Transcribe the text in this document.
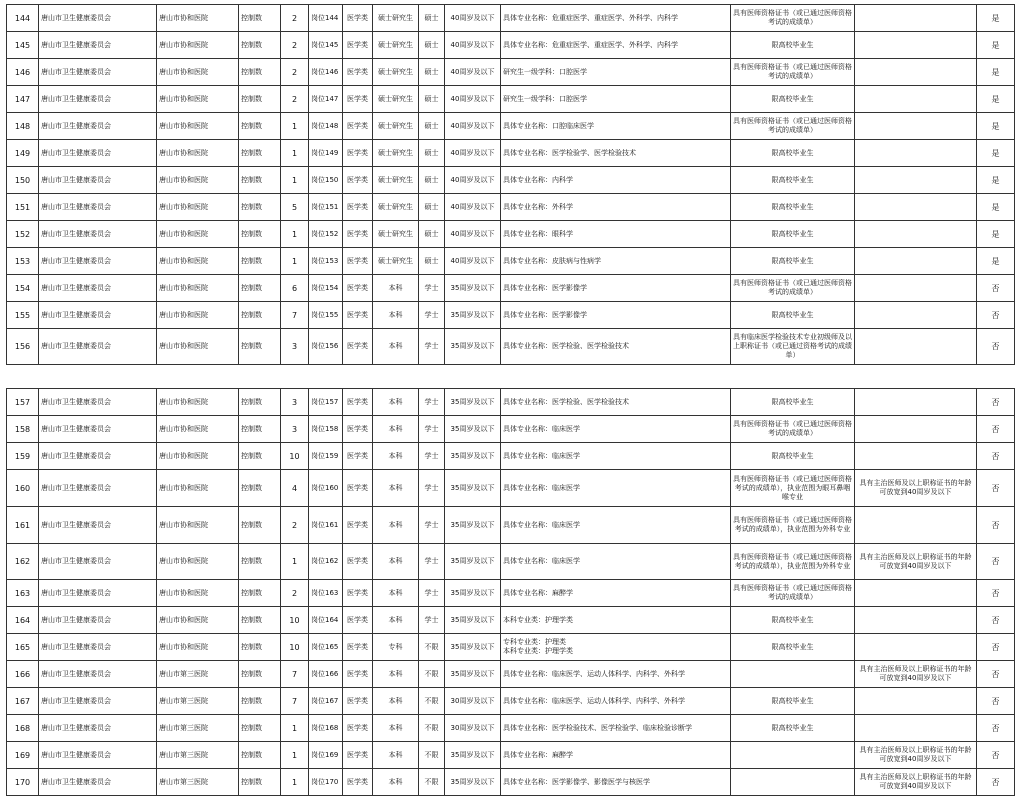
144	唐山市卫生健康委员会	唐山市协和医院	控制数	2	岗位144	医学类	硕士研究生	硕士	40周岁及以下	具体专业名称：危重症医学、重症医学、外科学、内科学	具有医师资格证书（或已通过医师资格考试的成绩单）		是
145	唐山市卫生健康委员会	唐山市协和医院	控制数	2	岗位145	医学类	硕士研究生	硕士	40周岁及以下	具体专业名称：危重症医学、重症医学、外科学、内科学	限高校毕业生		是
146	唐山市卫生健康委员会	唐山市协和医院	控制数	2	岗位146	医学类	硕士研究生	硕士	40周岁及以下	研究生一级学科：口腔医学	具有医师资格证书（或已通过医师资格考试的成绩单）		是
147	唐山市卫生健康委员会	唐山市协和医院	控制数	2	岗位147	医学类	硕士研究生	硕士	40周岁及以下	研究生一级学科：口腔医学	限高校毕业生		是
148	唐山市卫生健康委员会	唐山市协和医院	控制数	1	岗位148	医学类	硕士研究生	硕士	40周岁及以下	具体专业名称：口腔临床医学	具有医师资格证书（或已通过医师资格考试的成绩单）		是
149	唐山市卫生健康委员会	唐山市协和医院	控制数	1	岗位149	医学类	硕士研究生	硕士	40周岁及以下	具体专业名称：医学检验学、医学检验技术	限高校毕业生		是
150	唐山市卫生健康委员会	唐山市协和医院	控制数	1	岗位150	医学类	硕士研究生	硕士	40周岁及以下	具体专业名称：内科学	限高校毕业生		是
151	唐山市卫生健康委员会	唐山市协和医院	控制数	5	岗位151	医学类	硕士研究生	硕士	40周岁及以下	具体专业名称：外科学	限高校毕业生		是
152	唐山市卫生健康委员会	唐山市协和医院	控制数	1	岗位152	医学类	硕士研究生	硕士	40周岁及以下	具体专业名称：眼科学	限高校毕业生		是
153	唐山市卫生健康委员会	唐山市协和医院	控制数	1	岗位153	医学类	硕士研究生	硕士	40周岁及以下	具体专业名称：皮肤病与性病学	限高校毕业生		是
154	唐山市卫生健康委员会	唐山市协和医院	控制数	6	岗位154	医学类	本科	学士	35周岁及以下	具体专业名称：医学影像学	具有医师资格证书（或已通过医师资格考试的成绩单）		否
155	唐山市卫生健康委员会	唐山市协和医院	控制数	7	岗位155	医学类	本科	学士	35周岁及以下	具体专业名称：医学影像学	限高校毕业生		否
156	唐山市卫生健康委员会	唐山市协和医院	控制数	3	岗位156	医学类	本科	学士	35周岁及以下	具体专业名称：医学检验、医学检验技术	具有临床医学检验技术专业初级师及以上职称证书（或已通过资格考试的成绩单）		否
157	唐山市卫生健康委员会	唐山市协和医院	控制数	3	岗位157	医学类	本科	学士	35周岁及以下	具体专业名称：医学检验、医学检验技术	限高校毕业生		否
158	唐山市卫生健康委员会	唐山市协和医院	控制数	3	岗位158	医学类	本科	学士	35周岁及以下	具体专业名称：临床医学	具有医师资格证书（或已通过医师资格考试的成绩单）		否
159	唐山市卫生健康委员会	唐山市协和医院	控制数	10	岗位159	医学类	本科	学士	35周岁及以下	具体专业名称：临床医学	限高校毕业生		否
160	唐山市卫生健康委员会	唐山市协和医院	控制数	4	岗位160	医学类	本科	学士	35周岁及以下	具体专业名称：临床医学	具有医师资格证书（或已通过医师资格考试的成绩单），执业范围为眼耳鼻咽喉专业	具有主治医师及以上职称证书的年龄可放宽到40周岁及以下	否
161	唐山市卫生健康委员会	唐山市协和医院	控制数	2	岗位161	医学类	本科	学士	35周岁及以下	具体专业名称：临床医学	具有医师资格证书（或已通过医师资格考试的成绩单），执业范围为外科专业		否
162	唐山市卫生健康委员会	唐山市协和医院	控制数	1	岗位162	医学类	本科	学士	35周岁及以下	具体专业名称：临床医学	具有医师资格证书（或已通过医师资格考试的成绩单），执业范围为外科专业	具有主治医师及以上职称证书的年龄可放宽到40周岁及以下	否
163	唐山市卫生健康委员会	唐山市协和医院	控制数	2	岗位163	医学类	本科	学士	35周岁及以下	具体专业名称：麻醉学	具有医师资格证书（或已通过医师资格考试的成绩单）		否
164	唐山市卫生健康委员会	唐山市协和医院	控制数	10	岗位164	医学类	本科	学士	35周岁及以下	本科专业类：护理学类	限高校毕业生		否
165	唐山市卫生健康委员会	唐山市协和医院	控制数	10	岗位165	医学类	专科	不限	35周岁及以下	专科专业类：护理类
本科专业类：护理学类	限高校毕业生		否
166	唐山市卫生健康委员会	唐山市第三医院	控制数	7	岗位166	医学类	本科	不限	35周岁及以下	具体专业名称：临床医学、运动人体科学、内科学、外科学		具有主治医师及以上职称证书的年龄可放宽到40周岁及以下	否
167	唐山市卫生健康委员会	唐山市第三医院	控制数	7	岗位167	医学类	本科	不限	30周岁及以下	具体专业名称：临床医学、运动人体科学、内科学、外科学	限高校毕业生		否
168	唐山市卫生健康委员会	唐山市第三医院	控制数	1	岗位168	医学类	本科	不限	30周岁及以下	具体专业名称：医学检验技术、医学检验学、临床检验诊断学	限高校毕业生		否
169	唐山市卫生健康委员会	唐山市第三医院	控制数	1	岗位169	医学类	本科	不限	35周岁及以下	具体专业名称：麻醉学		具有主治医师及以上职称证书的年龄可放宽到40周岁及以下	否
170	唐山市卫生健康委员会	唐山市第三医院	控制数	1	岗位170	医学类	本科	不限	35周岁及以下	具体专业名称：医学影像学、影像医学与核医学		具有主治医师及以上职称证书的年龄可放宽到40周岁及以下	否
